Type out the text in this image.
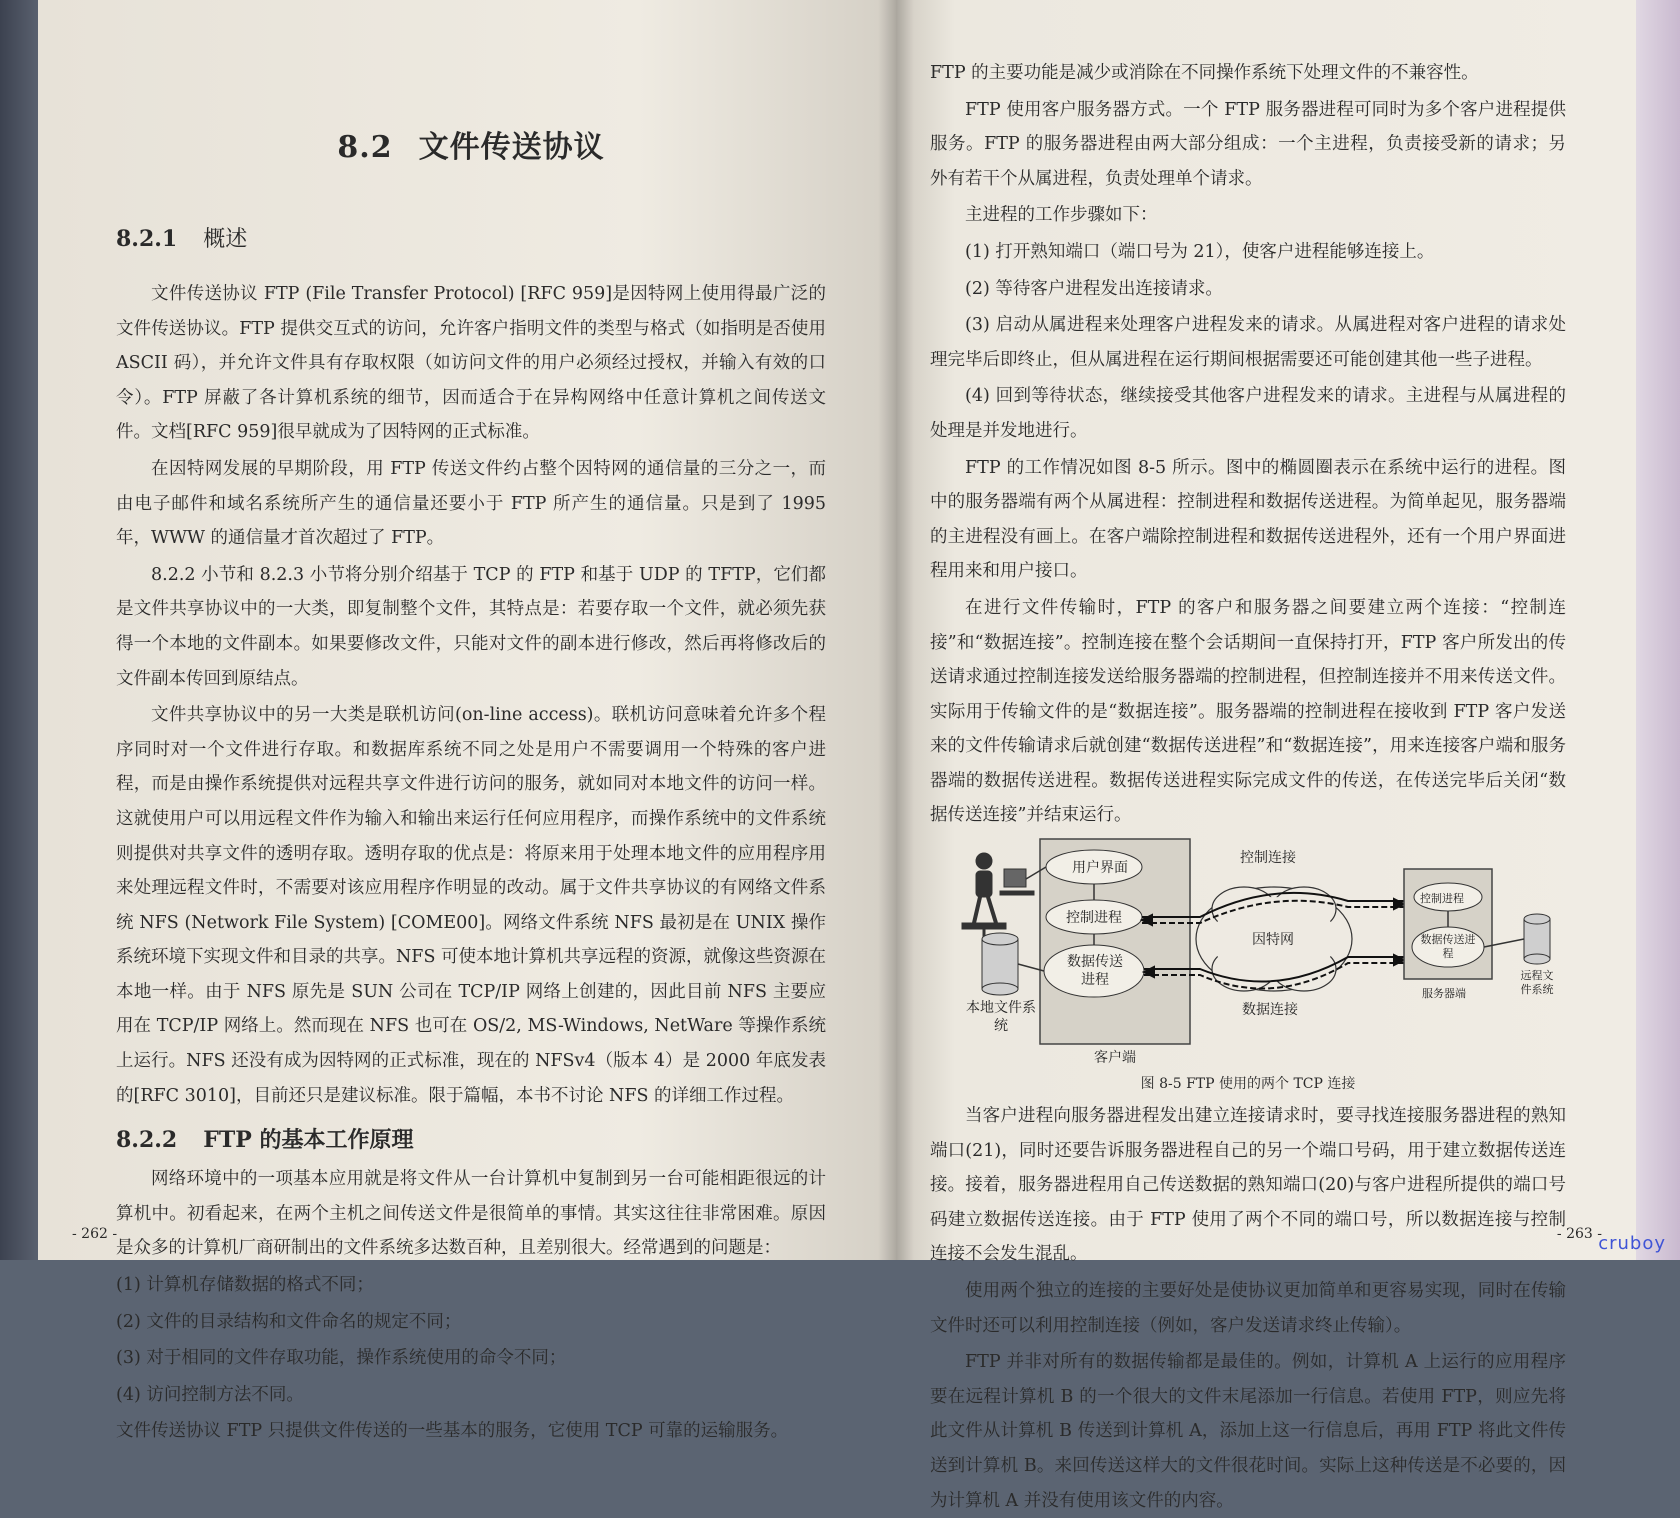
8.2 文件传送协议
8.2.1 概述

文件传送协议 FTP (File Transfer Protocol) [RFC 959]是因特网上使用得最广泛的文件传送协议。FTP 提供交互式的访问，允许客户指明文件的类型与格式（如指明是否使用 ASCII 码），并允许文件具有存取权限（如访问文件的用户必须经过授权，并输入有效的口令）。FTP 屏蔽了各计算机系统的细节，因而适合于在异构网络中任意计算机之间传送文件。文档[RFC 959]很早就成为了因特网的正式标准。

在因特网发展的早期阶段，用 FTP 传送文件约占整个因特网的通信量的三分之一，而由电子邮件和域名系统所产生的通信量还要小于 FTP 所产生的通信量。只是到了 1995 年，WWW 的通信量才首次超过了 FTP。

8.2.2 小节和 8.2.3 小节将分别介绍基于 TCP 的 FTP 和基于 UDP 的 TFTP，它们都是文件共享协议中的一大类，即复制整个文件，其特点是：若要存取一个文件，就必须先获得一个本地的文件副本。如果要修改文件，只能对文件的副本进行修改，然后再将修改后的文件副本传回到原结点。

文件共享协议中的另一大类是联机访问(on-line access)。联机访问意味着允许多个程序同时对一个文件进行存取。和数据库系统不同之处是用户不需要调用一个特殊的客户进程，而是由操作系统提供对远程共享文件进行访问的服务，就如同对本地文件的访问一样。这就使用户可以用远程文件作为输入和输出来运行任何应用程序，而操作系统中的文件系统则提供对共享文件的透明存取。透明存取的优点是：将原来用于处理本地文件的应用程序用来处理远程文件时，不需要对该应用程序作明显的改动。属于文件共享协议的有网络文件系统 NFS (Network File System) [COME00]。网络文件系统 NFS 最初是在 UNIX 操作系统环境下实现文件和目录的共享。NFS 可使本地计算机共享远程的资源，就像这些资源在本地一样。由于 NFS 原先是 SUN 公司在 TCP/IP 网络上创建的，因此目前 NFS 主要应用在 TCP/IP 网络上。然而现在 NFS 也可在 OS/2, MS-Windows, NetWare 等操作系统上运行。NFS 还没有成为因特网的正式标准，现在的 NFSv4（版本 4）是 2000 年底发表的[RFC 3010]，目前还只是建议标准。限于篇幅，本书不讨论 NFS 的详细工作过程。

8.2.2 FTP 的基本工作原理

网络环境中的一项基本应用就是将文件从一台计算机中复制到另一台可能相距很远的计算机中。初看起来，在两个主机之间传送文件是很简单的事情。其实这往往非常困难。原因是众多的计算机厂商研制出的文件系统多达数百种，且差别很大。经常遇到的问题是：

(1) 计算机存储数据的格式不同；

(2) 文件的目录结构和文件命名的规定不同；

(3) 对于相同的文件存取功能，操作系统使用的命令不同；

(4) 访问控制方法不同。

文件传送协议 FTP 只提供文件传送的一些基本的服务，它使用 TCP 可靠的运输服务。

- 262 -

FTP 的主要功能是减少或消除在不同操作系统下处理文件的不兼容性。

FTP 使用客户服务器方式。一个 FTP 服务器进程可同时为多个客户进程提供服务。FTP 的服务器进程由两大部分组成：一个主进程，负责接受新的请求；另外有若干个从属进程，负责处理单个请求。

主进程的工作步骤如下：

(1) 打开熟知端口（端口号为 21），使客户进程能够连接上。

(2) 等待客户进程发出连接请求。

(3) 启动从属进程来处理客户进程发来的请求。从属进程对客户进程的请求处理完毕后即终止，但从属进程在运行期间根据需要还可能创建其他一些子进程。

(4) 回到等待状态，继续接受其他客户进程发来的请求。主进程与从属进程的处理是并发地进行。

FTP 的工作情况如图 8-5 所示。图中的椭圆圈表示在系统中运行的进程。图中的服务器端有两个从属进程：控制进程和数据传送进程。为简单起见，服务器端的主进程没有画上。在客户端除控制进程和数据传送进程外，还有一个用户界面进程用来和用户接口。

在进行文件传输时，FTP 的客户和服务器之间要建立两个连接：“控制连接”和“数据连接”。控制连接在整个会话期间一直保持打开，FTP 客户所发出的传送请求通过控制连接发送给服务器端的控制进程，但控制连接并不用来传送文件。实际用于传输文件的是“数据连接”。服务器端的控制进程在接收到 FTP 客户发送来的文件传输请求后就创建“数据传送进程”和“数据连接”，用来连接客户端和服务器端的数据传送进程。数据传送进程实际完成文件的传送，在传送完毕后关闭“数据传送连接”并结束运行。

用户界面
控制进程
数据传送进程
客户端
本地文件系统
控制连接
因特网
数据连接
控制进程
数据传送进程
服务器端
远程文件系统
图 8-5 FTP 使用的两个 TCP 连接

当客户进程向服务器进程发出建立连接请求时，要寻找连接服务器进程的熟知端口(21)，同时还要告诉服务器进程自己的另一个端口号码，用于建立数据传送连接。接着，服务器进程用自己传送数据的熟知端口(20)与客户进程所提供的端口号码建立数据传送连接。由于 FTP 使用了两个不同的端口号，所以数据连接与控制连接不会发生混乱。

使用两个独立的连接的主要好处是使协议更加简单和更容易实现，同时在传输文件时还可以利用控制连接（例如，客户发送请求终止传输）。

FTP 并非对所有的数据传输都是最佳的。例如，计算机 A 上运行的应用程序要在远程计算机 B 的一个很大的文件末尾添加一行信息。若使用 FTP，则应先将此文件从计算机 B 传送到计算机 A，添加上这一行信息后，再用 FTP 将此文件传送到计算机 B。来回传送这样大的文件很花时间。实际上这种传送是不必要的，因为计算机 A 并没有使用该文件的内容。

- 263 -
cruboy
